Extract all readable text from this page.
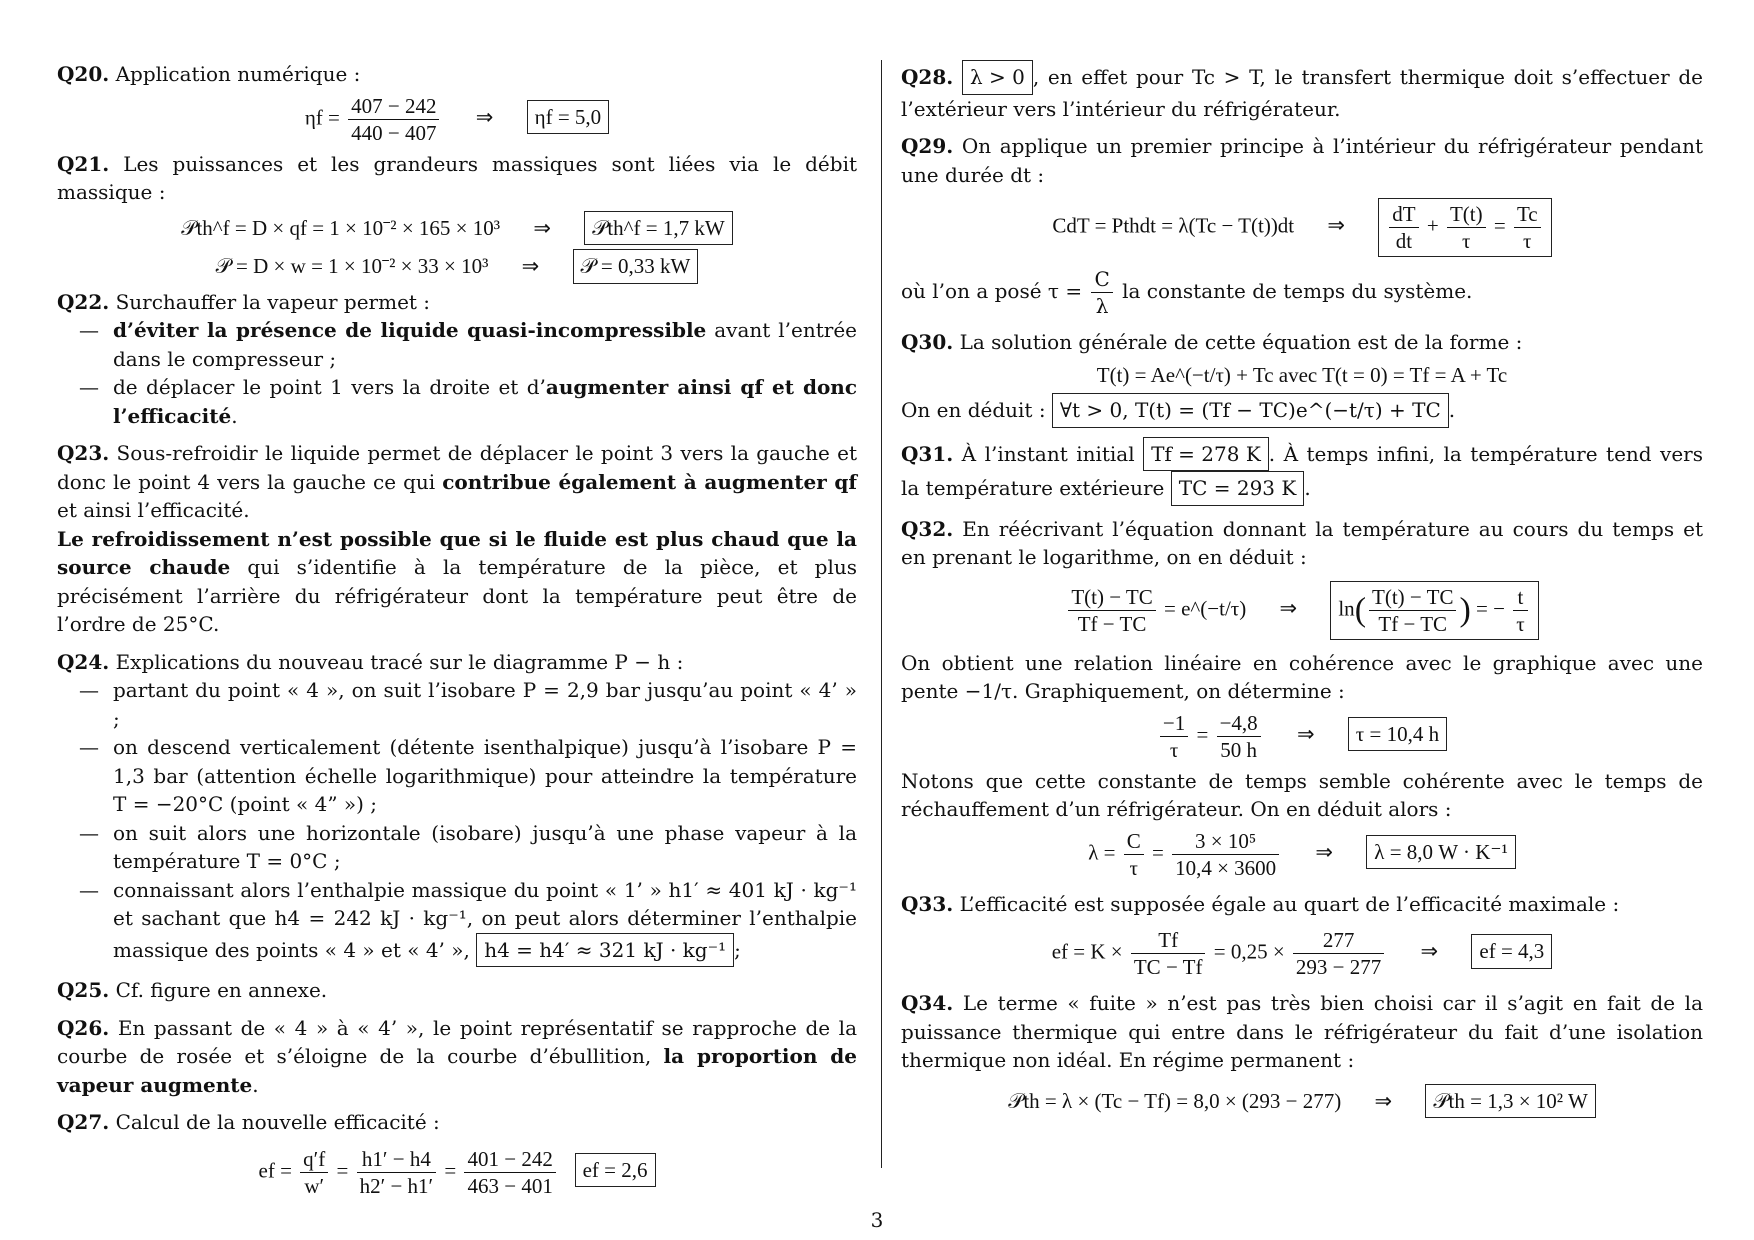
Q20. Application numérique :

$\eta f = \frac{407 - 242}{440 - 407}$ ⇒ ηf = 5,0

Q21. Les puissances et les grandeurs massiques sont liées via le débit massique :

𝒫th^f = D × qf = 1 × 10⁻² × 165 × 10³ ⇒ 𝒫th^f = 1,7 kW
𝒫 = D × w = 1 × 10⁻² × 33 × 10³ ⇒ 𝒫 = 0,33 kW

Q22. Surchauffer la vapeur permet :

— d’éviter la présence de liquide quasi-incompressible avant l’entrée dans le compresseur ;

— de déplacer le point 1 vers la droite et d’augmenter ainsi qf et donc l’efficacité.

Q23. Sous-refroidir le liquide permet de déplacer le point 3 vers la gauche et donc le point 4 vers la gauche ce qui contribue également à augmenter qf et ainsi l’efficacité.

Le refroidissement n’est possible que si le fluide est plus chaud que la source chaude qui s’identifie à la température de la pièce, et plus précisément l’arrière du réfrigérateur dont la température peut être de l’ordre de 25°C.

Q24. Explications du nouveau tracé sur le diagramme P − h :

— partant du point « 4 », on suit l’isobare P = 2,9 bar jusqu’au point « 4’ » ;

— on descend verticalement (détente isenthalpique) jusqu’à l’isobare P = 1,3 bar (attention échelle logarithmique) pour atteindre la température T = −20°C (point « 4” ») ;

— on suit alors une horizontale (isobare) jusqu’à une phase vapeur à la température T = 0°C ;

— connaissant alors l’enthalpie massique du point « 1’ » h1′ ≈ 401 kJ · kg⁻¹ et sachant que h4 = 242 kJ · kg⁻¹, on peut alors déterminer l’enthalpie massique des points « 4 » et « 4’ », h4 = h4′ ≈ 321 kJ · kg⁻¹ ;

Q25. Cf. figure en annexe.

Q26. En passant de « 4 » à « 4’ », le point représentatif se rapproche de la courbe de rosée et s’éloigne de la courbe d’ébullition, la proportion de vapeur augmente.

Q27. Calcul de la nouvelle efficacité :

ef = $\frac{q'f}{w'} = \frac{h1' - h4}{h2' - h1'} = \frac{401 - 242}{463 - 401}$ ef = 2,6

Q28. λ > 0 , en effet pour Tc > T, le transfert thermique doit s’effectuer de l’extérieur vers l’intérieur du réfrigérateur.

Q29. On applique un premier principe à l’intérieur du réfrigérateur pendant une durée dt :

CdT = Pthdt = λ(Tc − T(t))dt ⇒ $\frac{dT}{dt} + \frac{T(t)}{\tau} = \frac{Tc}{\tau}$

où l’on a posé $\tau = \frac{C}{\lambda}$ la constante de temps du système.

Q30. La solution générale de cette équation est de la forme :

T(t) = Ae^(−t/τ) + Tc avec T(t = 0) = Tf = A + Tc

On en déduit : ∀t > 0, T(t) = (Tf − TC)e^(−t/τ) + TC .

Q31. À l’instant initial Tf = 278 K . À temps infini, la température tend vers la température extérieure TC = 293 K .

Q32. En réécrivant l’équation donnant la température au cours du temps et en prenant le logarithme, on en déduit :

$\frac{T(t) - TC}{Tf - TC}$ = e^(−t/τ) ⇒ $\ln( \frac{T(t) - TC}{Tf - TC}$ ) = − $\frac{t}{\tau}$

On obtient une relation linéaire en cohérence avec le graphique avec une pente −1/τ. Graphiquement, on détermine :

$\frac{-1}{\tau} = \frac{-4,8}{50 h}$ ⇒ τ = 10,4 h

Notons que cette constante de temps semble cohérente avec le temps de réchauffement d’un réfrigérateur. On en déduit alors :

$\lambda = \frac{C}{\tau} = \frac{\text{3 × 10⁵}}{10,4 \times 3600}$ ⇒ λ = 8,0 W · K⁻¹

Q33. L’efficacité est supposée égale au quart de l’efficacité maximale :

ef = $K \times \frac{Tf}{TC - Tf} = 0,25 \times \frac{277}{293 - 277}$ ⇒ ef = 4,3

Q34. Le terme « fuite » n’est pas très bien choisi car il s’agit en fait de la puissance thermique qui entre dans le réfrigérateur du fait d’une isolation thermique non idéal. En régime permanent :

𝒫th = λ × (Tc − Tf) = 8,0 × (293 − 277) ⇒ 𝒫th = 1,3 × 10² W
3
